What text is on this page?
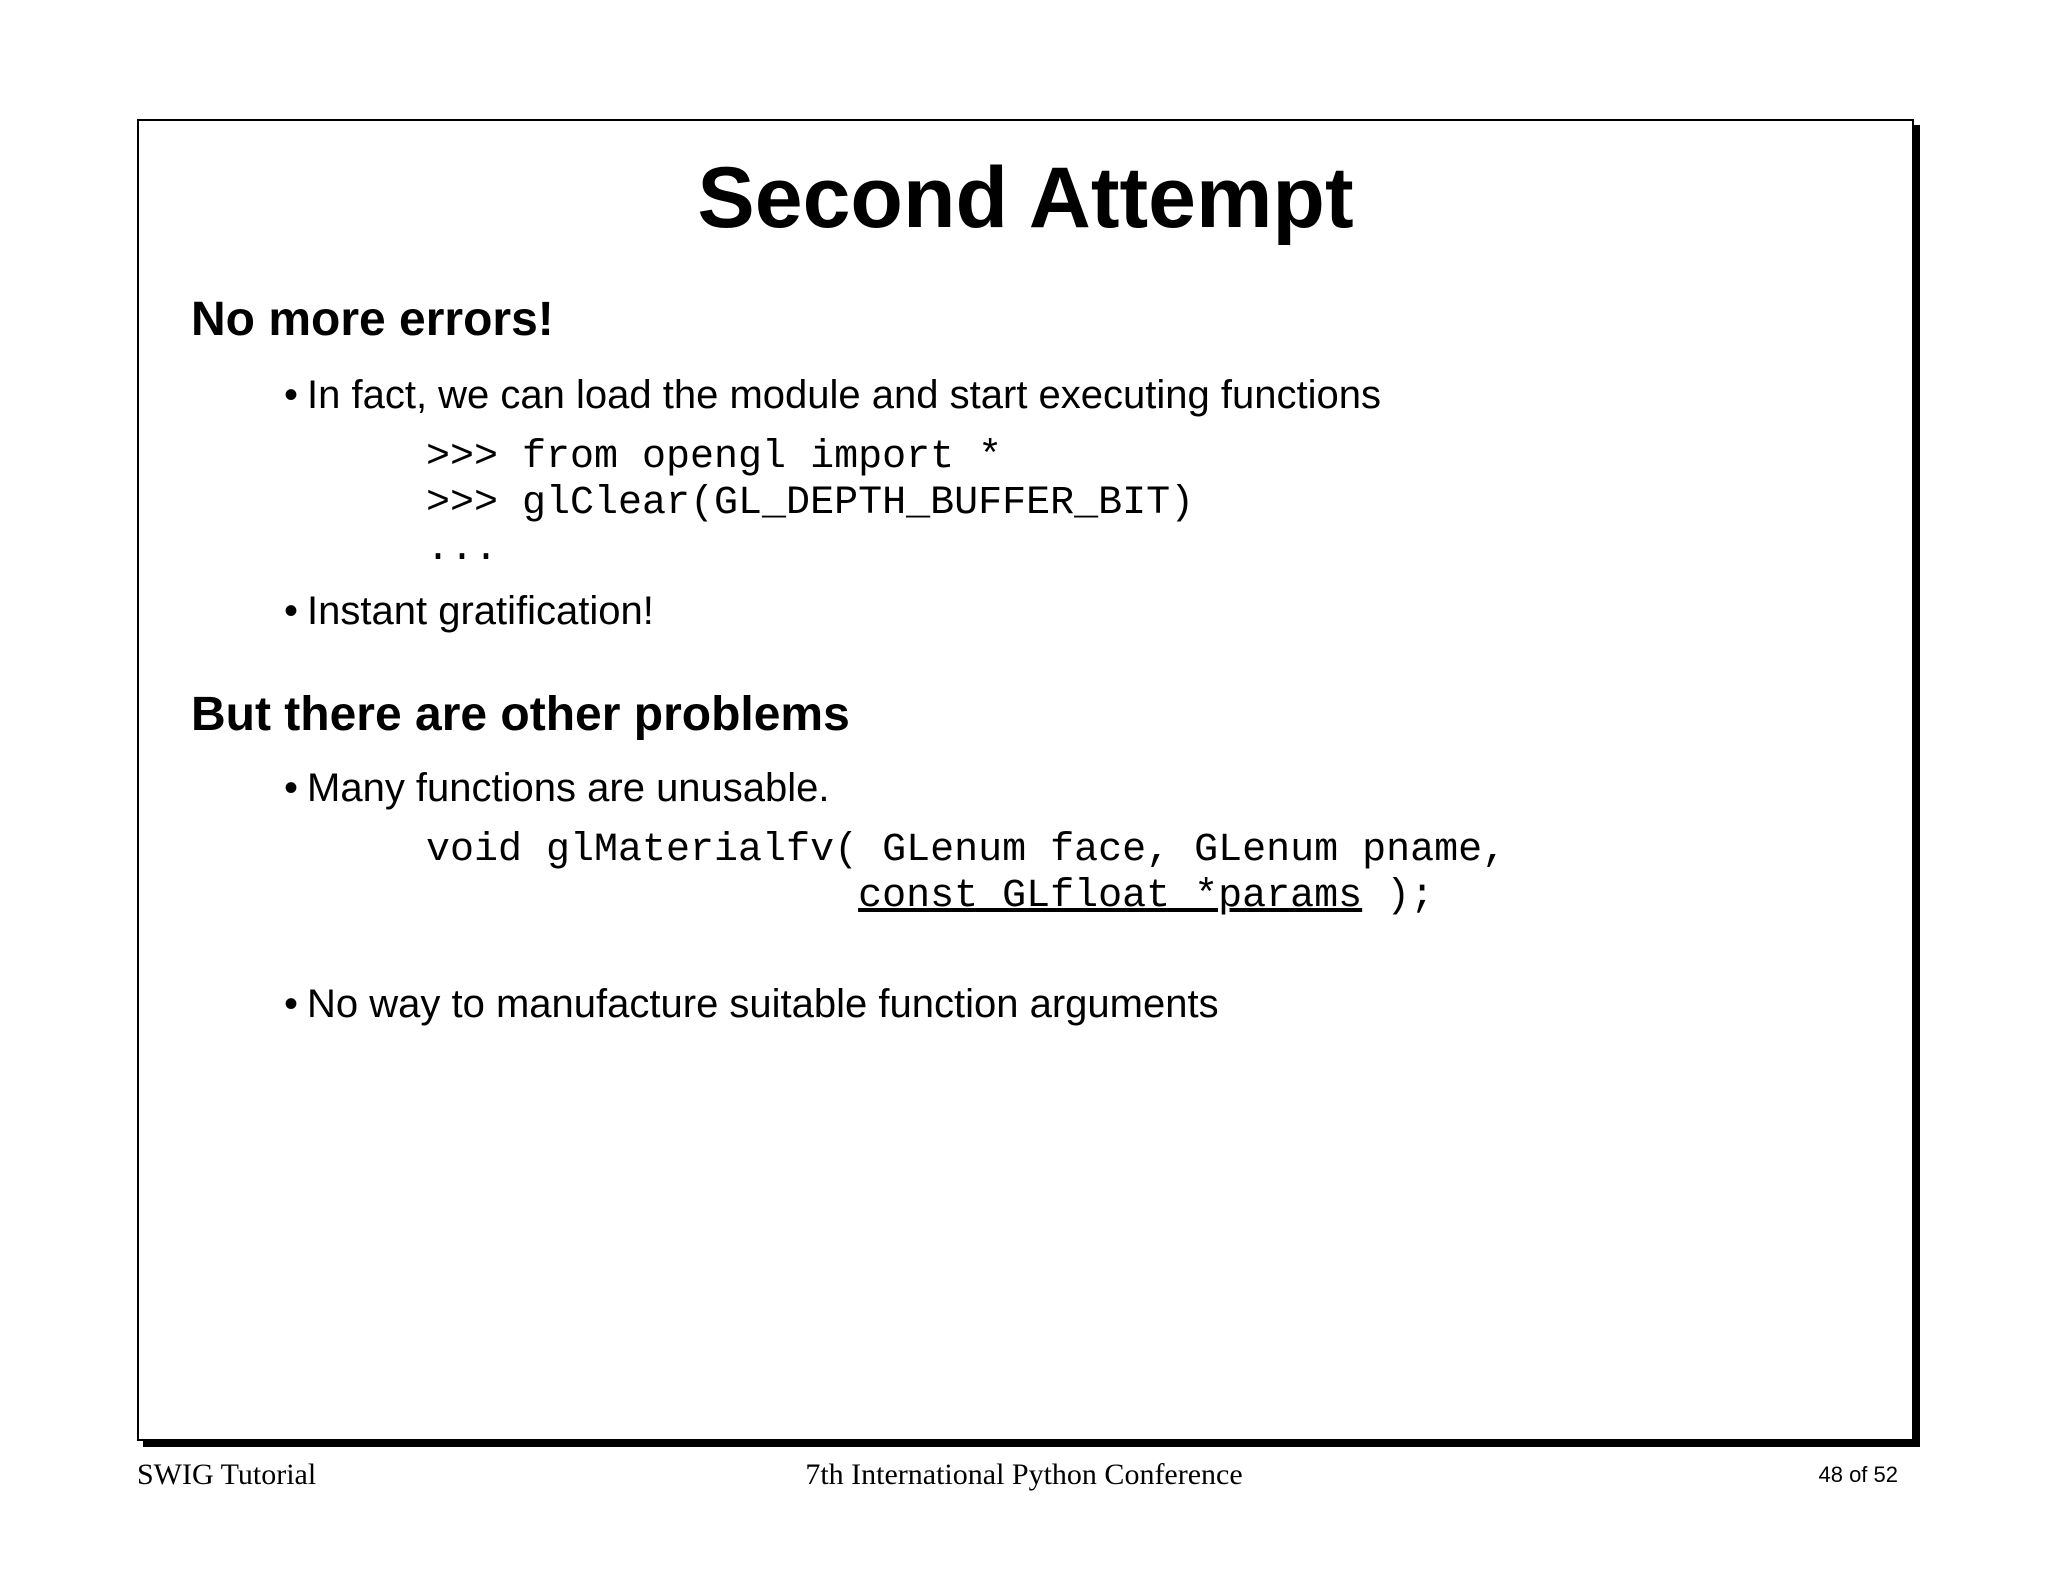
Second Attempt

No more errors!

• In fact, we can load the module and start executing functions

>>> from opengl import *

>>> glClear(GL_DEPTH_BUFFER_BIT)

...

• Instant gratification!

But there are other problems

• Many functions are unusable.

void glMaterialfv( GLenum face, GLenum pname,

const GLfloat *params );

• No way to manufacture suitable function arguments

SWIG Tutorial	7th International Python Conference	48 of 52
